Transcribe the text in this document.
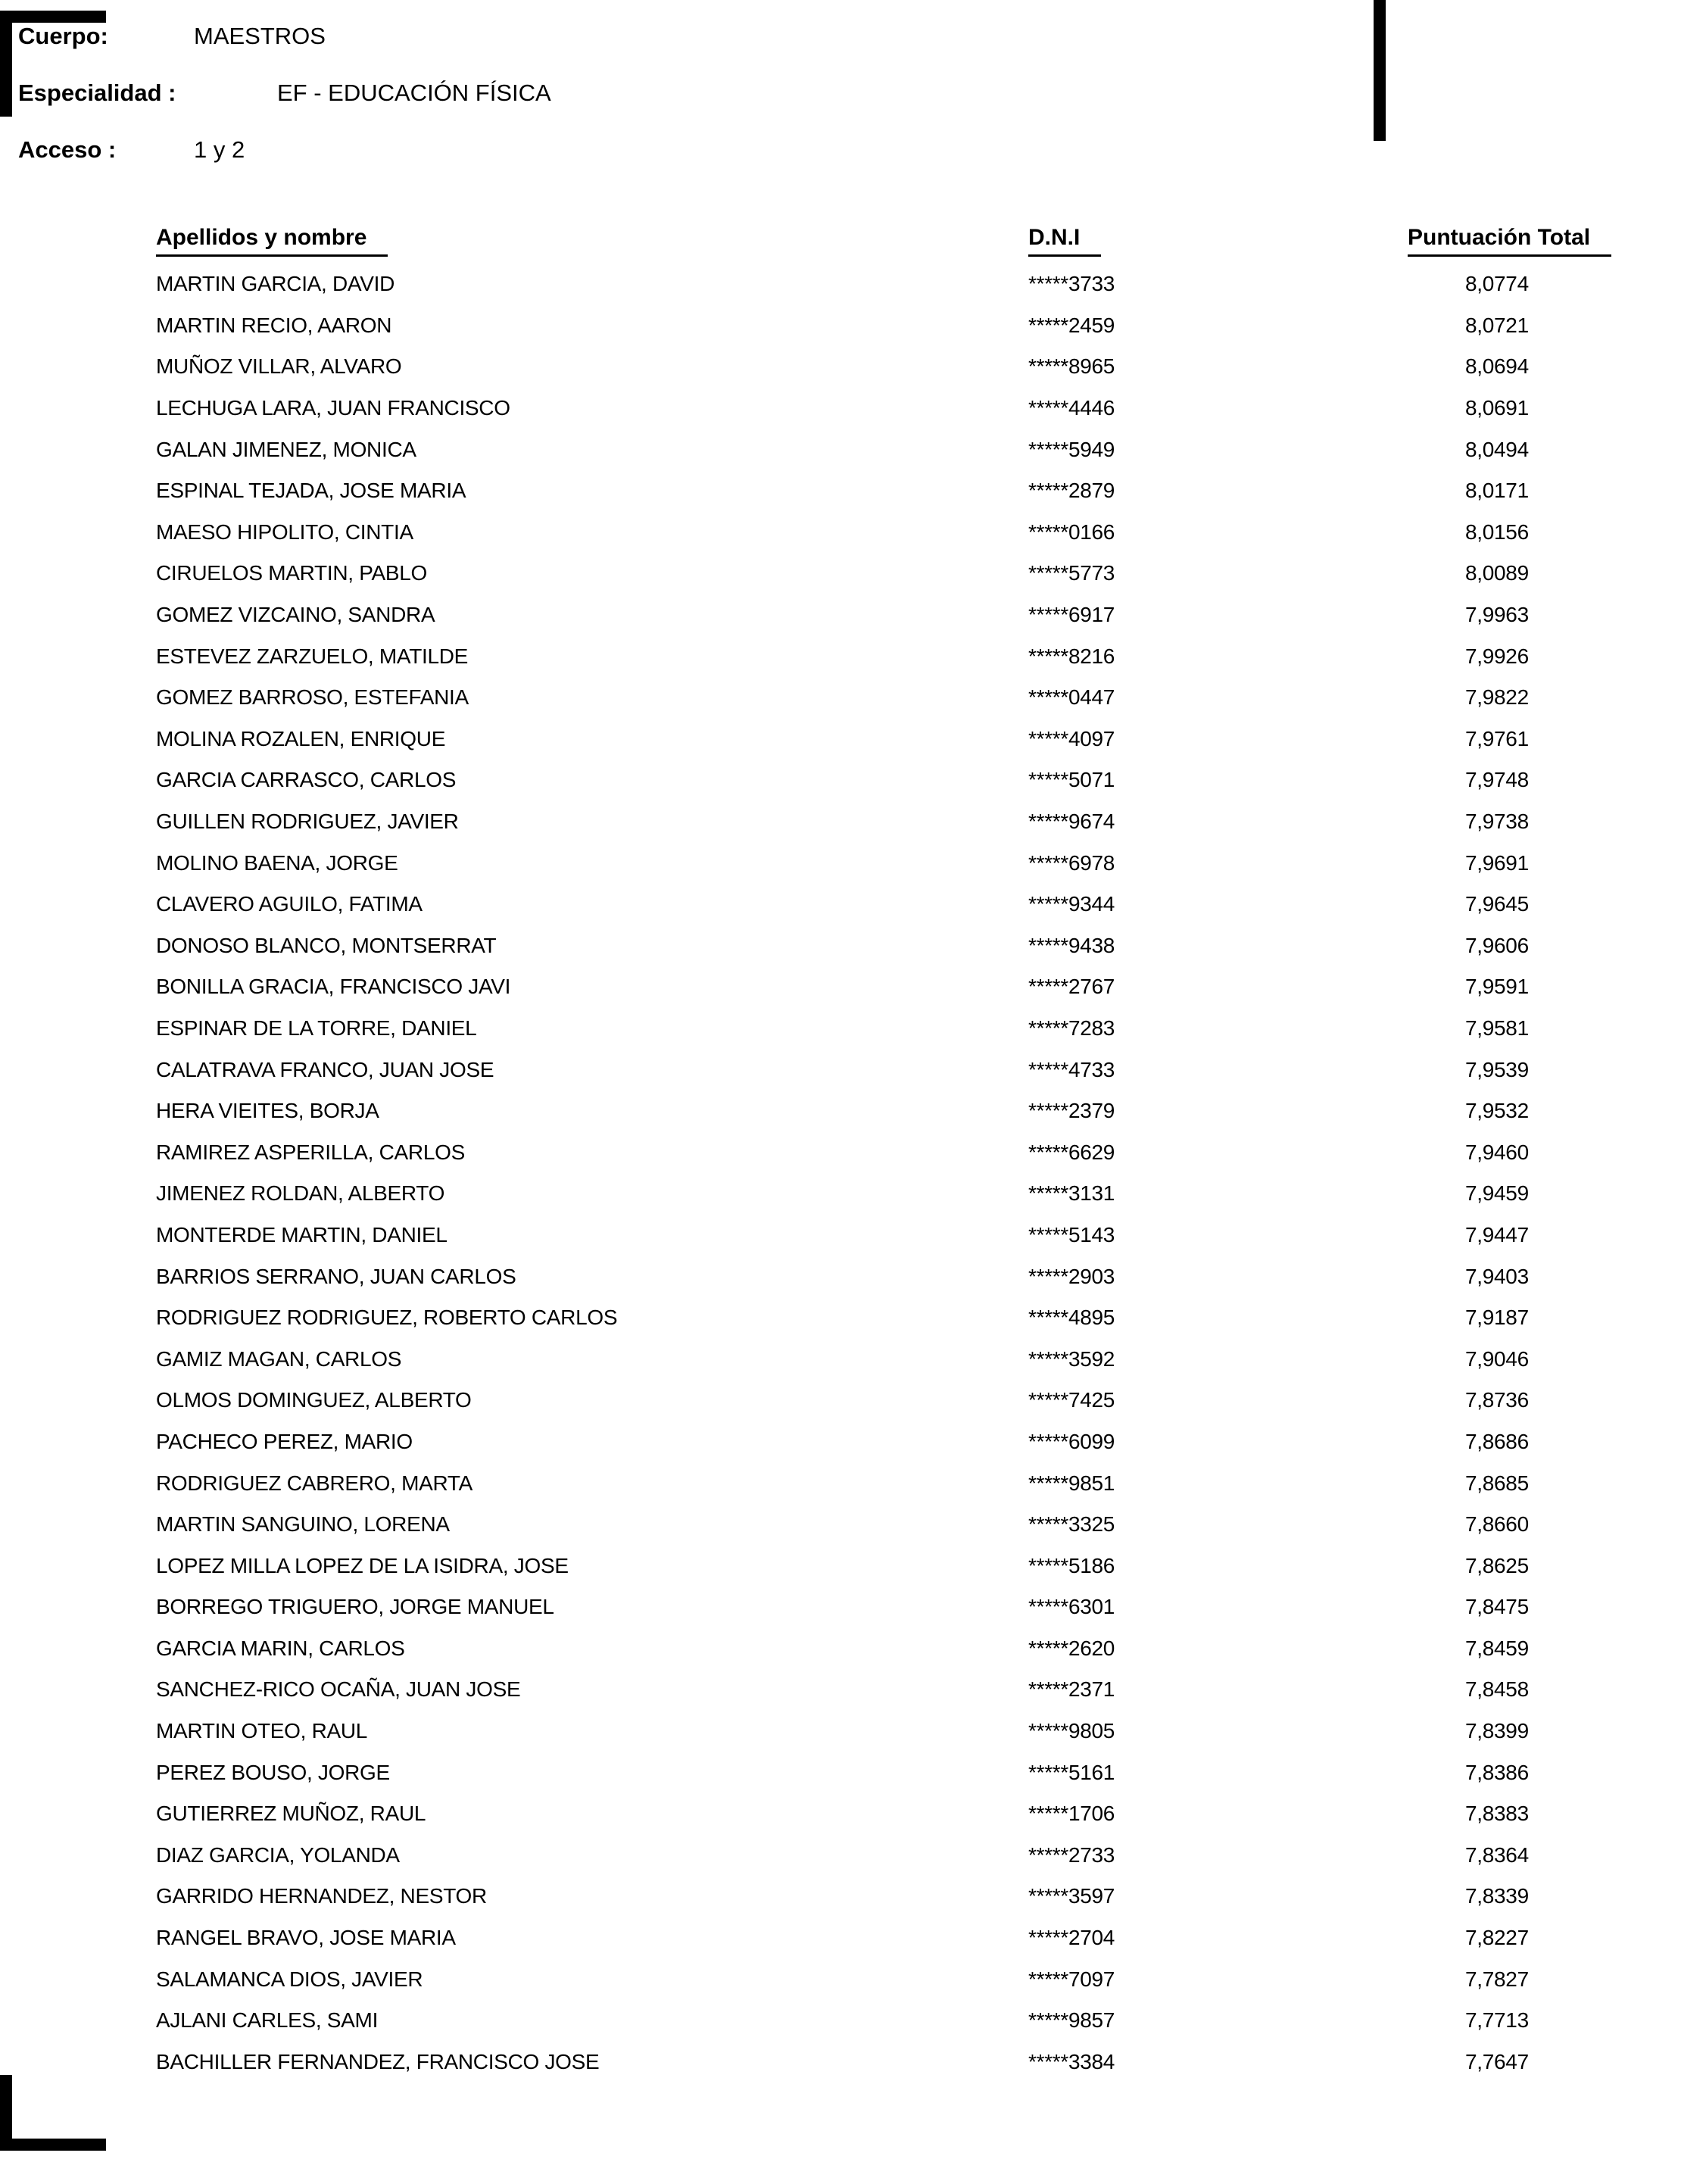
Cuerpo:	MAESTROS
Especialidad :	EF - EDUCACIÓN FÍSICA
Acceso :	1 y 2
Apellidos y nombre	D.N.I	Puntuación Total
MARTIN GARCIA, DAVID	*****3733	8,0774
MARTIN RECIO, AARON	*****2459	8,0721
MUÑOZ VILLAR, ALVARO	*****8965	8,0694
LECHUGA LARA, JUAN FRANCISCO	*****4446	8,0691
GALAN JIMENEZ, MONICA	*****5949	8,0494
ESPINAL TEJADA, JOSE MARIA	*****2879	8,0171
MAESO HIPOLITO, CINTIA	*****0166	8,0156
CIRUELOS MARTIN, PABLO	*****5773	8,0089
GOMEZ VIZCAINO, SANDRA	*****6917	7,9963
ESTEVEZ ZARZUELO, MATILDE	*****8216	7,9926
GOMEZ BARROSO, ESTEFANIA	*****0447	7,9822
MOLINA ROZALEN, ENRIQUE	*****4097	7,9761
GARCIA CARRASCO, CARLOS	*****5071	7,9748
GUILLEN RODRIGUEZ, JAVIER	*****9674	7,9738
MOLINO BAENA, JORGE	*****6978	7,9691
CLAVERO AGUILO, FATIMA	*****9344	7,9645
DONOSO BLANCO, MONTSERRAT	*****9438	7,9606
BONILLA GRACIA, FRANCISCO JAVI	*****2767	7,9591
ESPINAR DE LA TORRE, DANIEL	*****7283	7,9581
CALATRAVA FRANCO, JUAN JOSE	*****4733	7,9539
HERA VIEITES, BORJA	*****2379	7,9532
RAMIREZ ASPERILLA, CARLOS	*****6629	7,9460
JIMENEZ ROLDAN, ALBERTO	*****3131	7,9459
MONTERDE MARTIN, DANIEL	*****5143	7,9447
BARRIOS SERRANO, JUAN CARLOS	*****2903	7,9403
RODRIGUEZ RODRIGUEZ, ROBERTO CARLOS	*****4895	7,9187
GAMIZ MAGAN, CARLOS	*****3592	7,9046
OLMOS DOMINGUEZ, ALBERTO	*****7425	7,8736
PACHECO PEREZ, MARIO	*****6099	7,8686
RODRIGUEZ CABRERO, MARTA	*****9851	7,8685
MARTIN SANGUINO, LORENA	*****3325	7,8660
LOPEZ MILLA LOPEZ DE LA ISIDRA, JOSE	*****5186	7,8625
BORREGO TRIGUERO, JORGE MANUEL	*****6301	7,8475
GARCIA MARIN, CARLOS	*****2620	7,8459
SANCHEZ-RICO OCAÑA, JUAN JOSE	*****2371	7,8458
MARTIN OTEO, RAUL	*****9805	7,8399
PEREZ BOUSO, JORGE	*****5161	7,8386
GUTIERREZ MUÑOZ, RAUL	*****1706	7,8383
DIAZ GARCIA, YOLANDA	*****2733	7,8364
GARRIDO HERNANDEZ, NESTOR	*****3597	7,8339
RANGEL BRAVO, JOSE MARIA	*****2704	7,8227
SALAMANCA DIOS, JAVIER	*****7097	7,7827
AJLANI CARLES, SAMI	*****9857	7,7713
BACHILLER FERNANDEZ, FRANCISCO JOSE	*****3384	7,7647
